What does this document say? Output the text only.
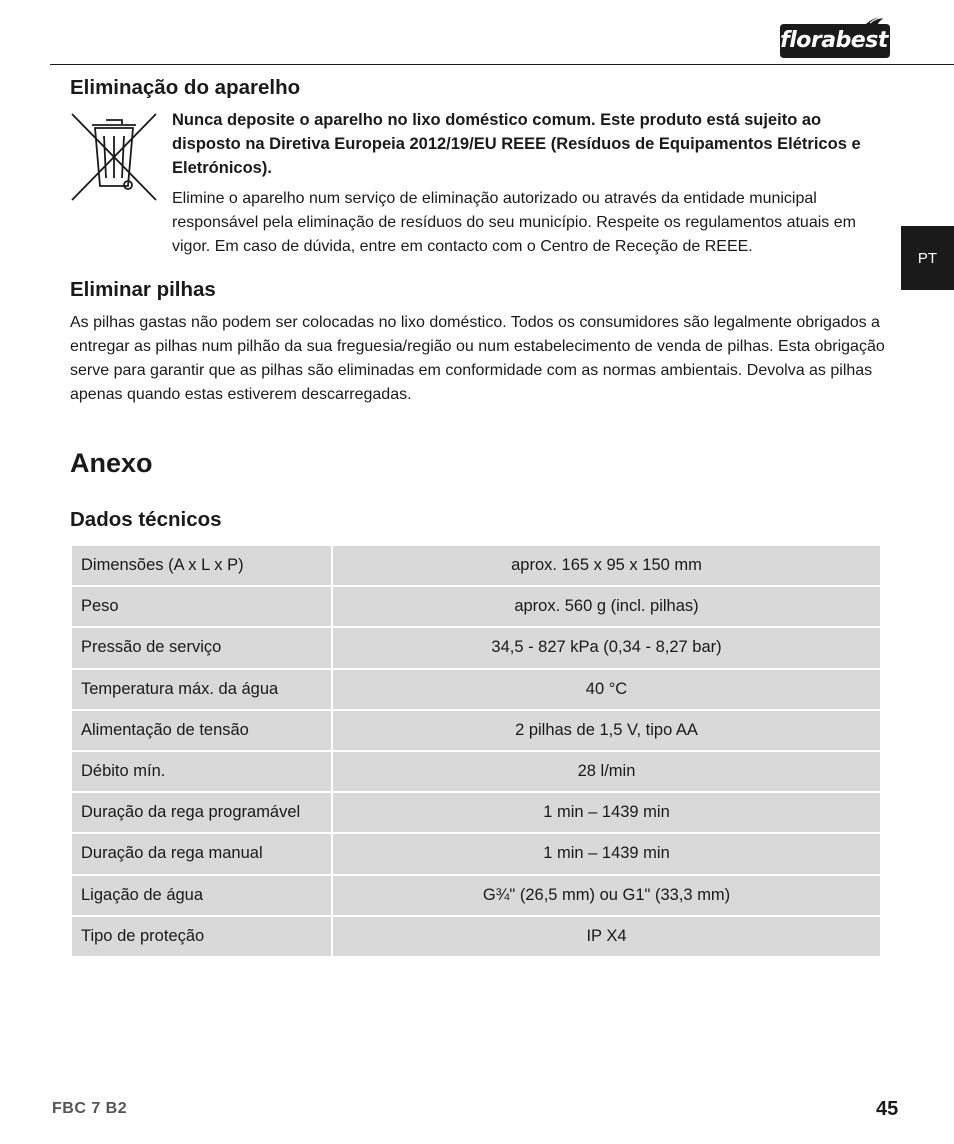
florabest
PT
Eliminação do aparelho
Nunca deposite o aparelho no lixo doméstico comum. Este produto está sujeito ao disposto na Diretiva Europeia 2012/19/EU REEE (Resíduos de Equipamentos Elétricos e Eletrónicos).
Elimine o aparelho num serviço de eliminação autorizado ou através da entidade municipal responsável pela eliminação de resíduos do seu município. Respeite os regulamentos atuais em vigor. Em caso de dúvida, entre em contacto com o Centro de Receção de REEE.
Eliminar pilhas
As pilhas gastas não podem ser colocadas no lixo doméstico. Todos os consumidores são legalmente obrigados a entregar as pilhas num pilhão da sua freguesia/região ou num estabelecimento de venda de pilhas. Esta obrigação serve para garantir que as pilhas são eliminadas em conformidade com as normas ambientais. Devolva as pilhas apenas quando estas estiverem descarregadas.
Anexo
Dados técnicos
Dimensões (A x L x P)	aprox. 165 x 95 x 150 mm
Peso	aprox. 560 g (incl. pilhas)
Pressão de serviço	34,5 - 827 kPa (0,34 - 8,27 bar)
Temperatura máx. da água	40 °C
Alimentação de tensão	2 pilhas de 1,5 V, tipo AA
Débito mín.	28 l/min
Duração da rega programável	1 min – 1439 min
Duração da rega manual	1 min – 1439 min
Ligação de água	G¾" (26,5 mm) ou G1" (33,3 mm)
Tipo de proteção	IP X4
FBC 7 B2	45
